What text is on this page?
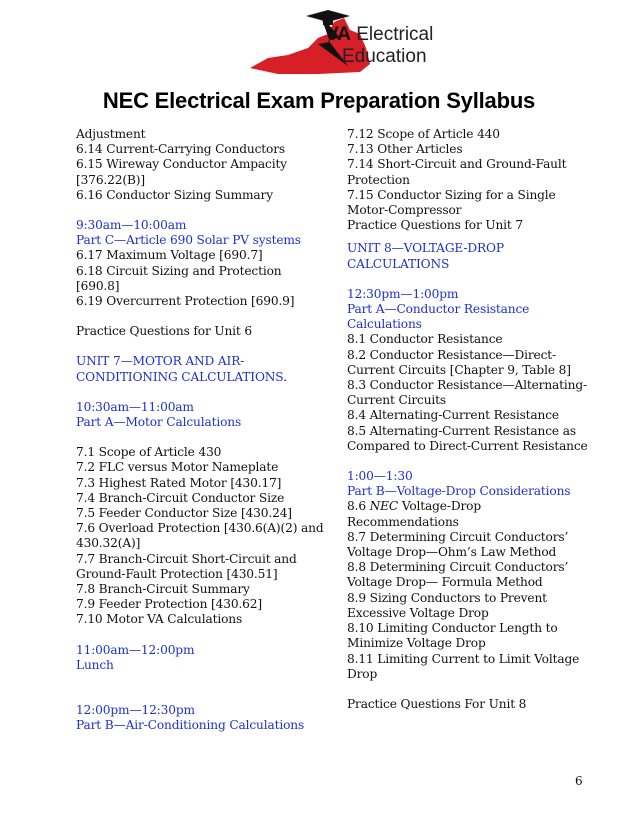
VA Electrical
Education
NEC Electrical Exam Preparation Syllabus

Adjustment

6.14 Current-Carrying Conductors

6.15 Wireway Conductor Ampacity

[376.22(B)]

6.16 Conductor Sizing Summary

9:30am—10:00am

Part C—Article 690 Solar PV systems

6.17 Maximum Voltage [690.7]

6.18 Circuit Sizing and Protection

[690.8]

6.19 Overcurrent Protection [690.9]

Practice Questions for Unit 6

UNIT 7—MOTOR AND AIR-

CONDITIONING CALCULATIONS.

10:30am—11:00am

Part A—Motor Calculations

7.1 Scope of Article 430

7.2 FLC versus Motor Nameplate

7.3 Highest Rated Motor [430.17]

7.4 Branch-Circuit Conductor Size

7.5 Feeder Conductor Size [430.24]

7.6 Overload Protection [430.6(A)(2) and

430.32(A)]

7.7 Branch-Circuit Short-Circuit and

Ground-Fault Protection [430.51]

7.8 Branch-Circuit Summary

7.9 Feeder Protection [430.62]

7.10 Motor VA Calculations

11:00am—12:00pm

Lunch

12:00pm—12:30pm

Part B—Air-Conditioning Calculations

7.12 Scope of Article 440

7.13 Other Articles

7.14 Short-Circuit and Ground-Fault

Protection

7.15 Conductor Sizing for a Single

Motor-Compressor

Practice Questions for Unit 7

UNIT 8—VOLTAGE-DROP

CALCULATIONS

12:30pm—1:00pm

Part A—Conductor Resistance

Calculations

8.1 Conductor Resistance

8.2 Conductor Resistance—Direct-

Current Circuits [Chapter 9, Table 8]

8.3 Conductor Resistance—Alternating-

Current Circuits

8.4 Alternating-Current Resistance

8.5 Alternating-Current Resistance as

Compared to Direct-Current Resistance

1:00—1:30

Part B—Voltage-Drop Considerations

8.6 NEC Voltage-Drop

Recommendations

8.7 Determining Circuit Conductors’

Voltage Drop—Ohm’s Law Method

8.8 Determining Circuit Conductors’

Voltage Drop— Formula Method

8.9 Sizing Conductors to Prevent

Excessive Voltage Drop

8.10 Limiting Conductor Length to

Minimize Voltage Drop

8.11 Limiting Current to Limit Voltage

Drop

Practice Questions For Unit 8

6
